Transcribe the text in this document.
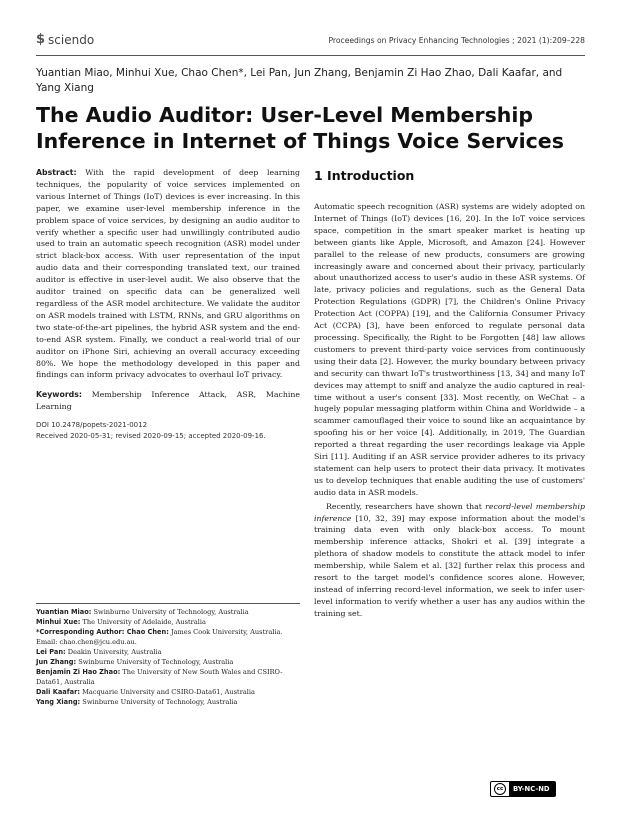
$ sciendo	Proceedings on Privacy Enhancing Technologies ; 2021 (1):209–228
Yuantian Miao, Minhui Xue, Chao Chen*, Lei Pan, Jun Zhang, Benjamin Zi Hao Zhao, Dali Kaafar, and Yang Xiang
The Audio Auditor: User-Level Membership Inference in Internet of Things Voice Services

Abstract: With the rapid development of deep learning techniques, the popularity of voice services implemented on various Internet of Things (IoT) devices is ever increasing. In this paper, we examine user-level membership inference in the problem space of voice services, by designing an audio auditor to verify whether a specific user had unwillingly contributed audio used to train an automatic speech recognition (ASR) model under strict black-box access. With user representation of the input audio data and their corresponding translated text, our trained auditor is effective in user-level audit. We also observe that the auditor trained on specific data can be generalized well regardless of the ASR model architecture. We validate the auditor on ASR models trained with LSTM, RNNs, and GRU algorithms on two state-of-the-art pipelines, the hybrid ASR system and the end-to-end ASR system. Finally, we conduct a real-world trial of our auditor on iPhone Siri, achieving an overall accuracy exceeding 80%. We hope the methodology developed in this paper and findings can inform privacy advocates to overhaul IoT privacy.

Keywords: Membership Inference Attack, ASR, Machine Learning

DOI 10.2478/popets-2021-0012
Received 2020-05-31; revised 2020-09-15; accepted 2020-09-16.

Yuantian Miao: Swinburne University of Technology, Australia

Minhui Xue: The University of Adelaide, Australia

*Corresponding Author: Chao Chen: James Cook University, Australia. Email: chao.chen@jcu.edu.au.

Lei Pan: Deakin University, Australia

Jun Zhang: Swinburne University of Technology, Australia

Benjamin Zi Hao Zhao: The University of New South Wales and CSIRO-Data61, Australia

Dali Kaafar: Macquarie University and CSIRO-Data61, Australia

Yang Xiang: Swinburne University of Technology, Australia

1 Introduction

Automatic speech recognition (ASR) systems are widely adopted on Internet of Things (IoT) devices [16, 20]. In the IoT voice services space, competition in the smart speaker market is heating up between giants like Apple, Microsoft, and Amazon [24]. However parallel to the release of new products, consumers are growing increasingly aware and concerned about their privacy, particularly about unauthorized access to user's audio in these ASR systems. Of late, privacy policies and regulations, such as the General Data Protection Regulations (GDPR) [7], the Children's Online Privacy Protection Act (COPPA) [19], and the California Consumer Privacy Act (CCPA) [3], have been enforced to regulate personal data processing. Specifically, the Right to be Forgotten [48] law allows customers to prevent third-party voice services from continuously using their data [2]. However, the murky boundary between privacy and security can thwart IoT's trustworthiness [13, 34] and many IoT devices may attempt to sniff and analyze the audio captured in real-time without a user's consent [33]. Most recently, on WeChat – a hugely popular messaging platform within China and Worldwide – a scammer camouflaged their voice to sound like an acquaintance by spoofing his or her voice [4]. Additionally, in 2019, The Guardian reported a threat regarding the user recordings leakage via Apple Siri [11]. Auditing if an ASR service provider adheres to its privacy statement can help users to protect their data privacy. It motivates us to develop techniques that enable auditing the use of customers' audio data in ASR models.

Recently, researchers have shown that record-level membership inference [10, 32, 39] may expose information about the model's training data even with only black-box access. To mount membership inference attacks, Shokri et al. [39] integrate a plethora of shadow models to constitute the attack model to infer membership, while Salem et al. [32] further relax this process and resort to the target model's confidence scores alone. However, instead of inferring record-level information, we seek to infer user-level information to verify whether a user has any audios within the training set.

cc	BY-NC-ND
